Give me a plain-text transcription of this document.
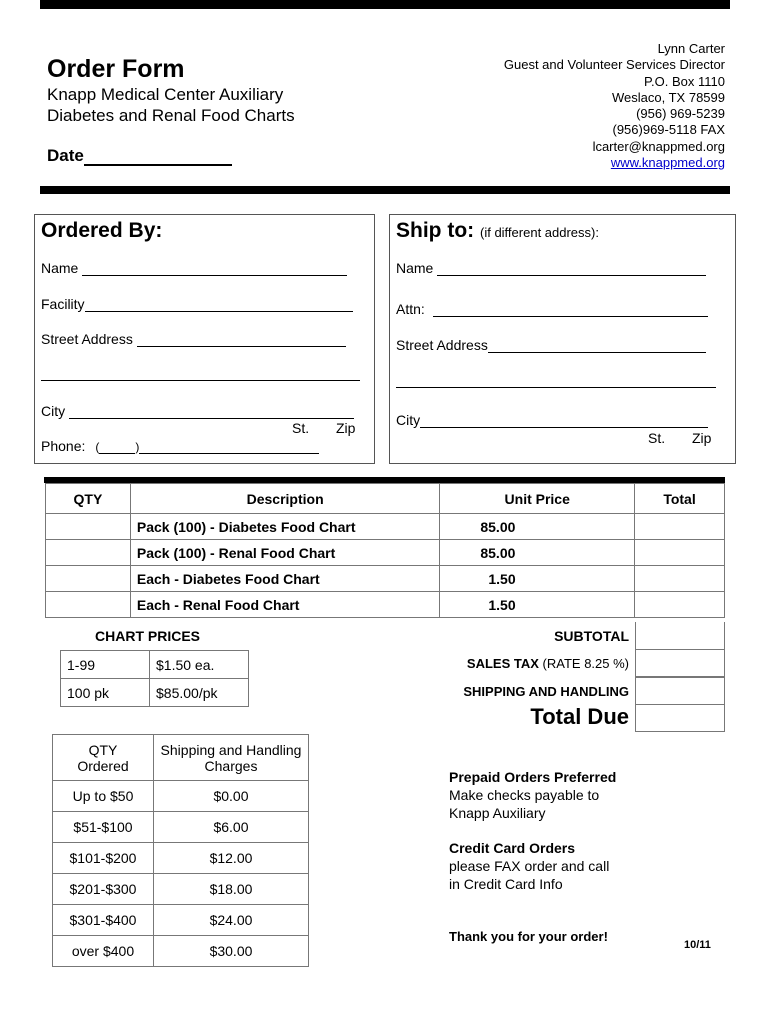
Order Form
Knapp Medical Center Auxiliary
Diabetes and Renal Food Charts
Date
Lynn Carter
Guest and Volunteer Services Director
P.O. Box 1110
Weslaco, TX 78599
(956) 969-5239
(956)969-5118 FAX
lcarter@knappmed.org
www.knappmed.org
Ordered By:
Name
Facility
Street Address
City
St. Zip
Phone: (	)
Ship to: (if different address):
Name
Attn:
Street Address
City
St. Zip
QTY	Description	Unit Price	Total
	Pack (100) - Diabetes Food Chart	85.00	
	Pack (100) - Renal Food Chart	85.00	
	Each - Diabetes Food Chart	1.50	
	Each - Renal Food Chart	1.50	
CHART PRICES
1-99	$1.50 ea.
100 pk	$85.00/pk
SUBTOTAL
SALES TAX (RATE 8.25 %)
SHIPPING AND HANDLING
Total Due
QTY Ordered	Shipping and Handling Charges
Up to $50	$0.00
$51-$100	$6.00
$101-$200	$12.00
$201-$300	$18.00
$301-$400	$24.00
over $400	$30.00
Prepaid Orders Preferred
Make checks payable to
Knapp Auxiliary
Credit Card Orders
please FAX order and call
in Credit Card Info
Thank you for your order!
10/11
